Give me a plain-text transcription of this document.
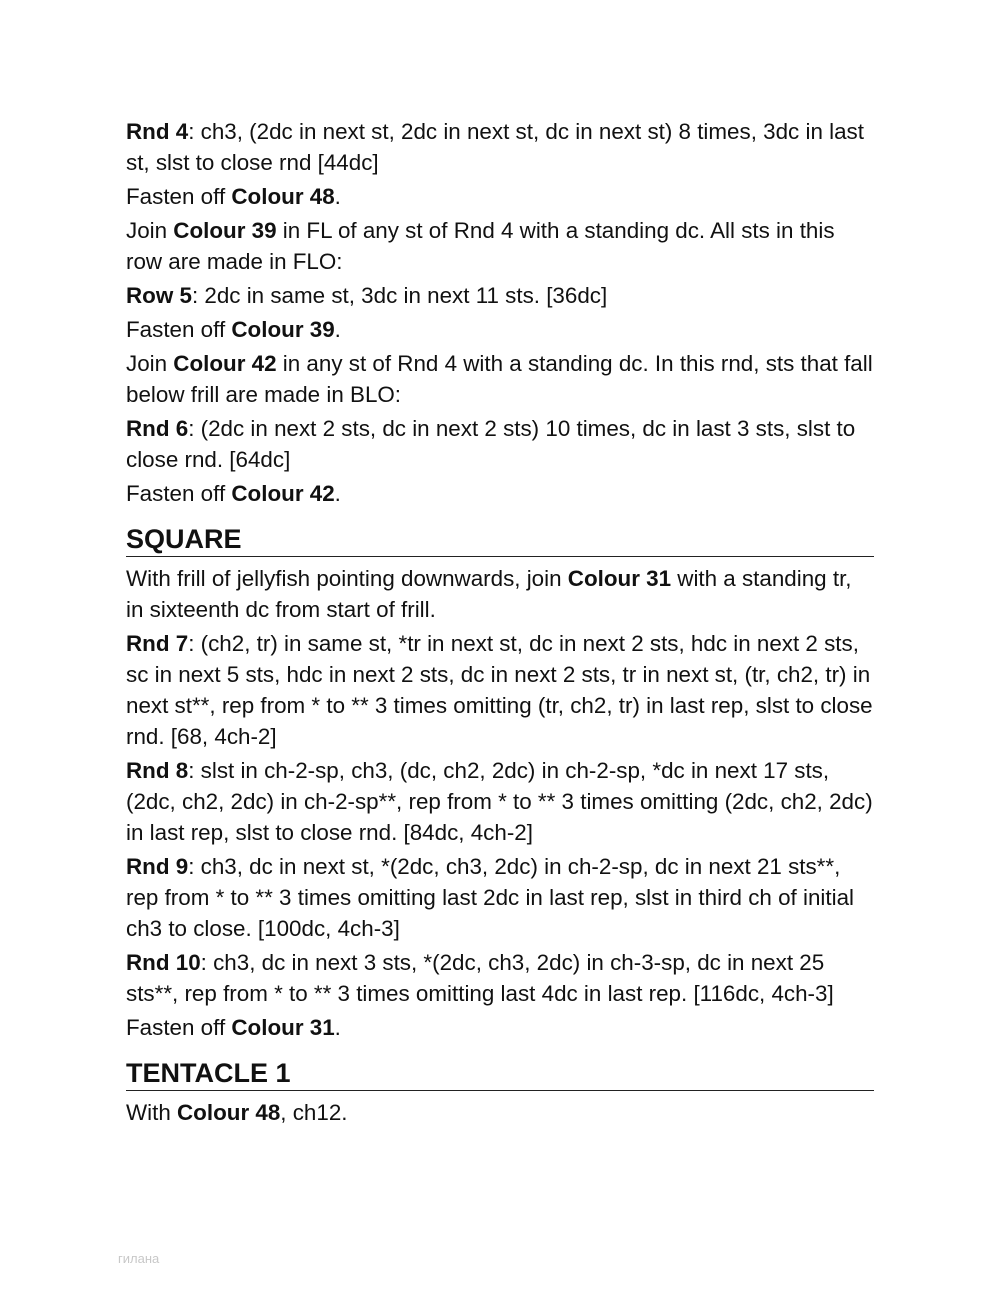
Rnd 4: ch3, (2dc in next st, 2dc in next st, dc in next st) 8 times, 3dc in last st, slst to close rnd [44dc]
Fasten off Colour 48.
Join Colour 39 in FL of any st of Rnd 4 with a standing dc. All sts in this row are made in FLO:
Row 5: 2dc in same st, 3dc in next 11 sts. [36dc]
Fasten off Colour 39.
Join Colour 42 in any st of Rnd 4 with a standing dc. In this rnd, sts that fall below frill are made in BLO:
Rnd 6: (2dc in next 2 sts, dc in next 2 sts) 10 times, dc in last 3 sts, slst to close rnd. [64dc]
Fasten off Colour 42.
SQUARE
With frill of jellyfish pointing downwards, join Colour 31 with a standing tr, in sixteenth dc from start of frill.
Rnd 7: (ch2, tr) in same st, *tr in next st, dc in next 2 sts, hdc in next 2 sts, sc in next 5 sts, hdc in next 2 sts, dc in next 2 sts, tr in next st, (tr, ch2, tr) in next st**, rep from * to ** 3 times omitting (tr, ch2, tr) in last rep, slst to close rnd. [68, 4ch-2]
Rnd 8: slst in ch-2-sp, ch3, (dc, ch2, 2dc) in ch-2-sp, *dc in next 17 sts, (2dc, ch2, 2dc) in ch-2-sp**, rep from * to ** 3 times omitting (2dc, ch2, 2dc) in last rep, slst to close rnd. [84dc, 4ch-2]
Rnd 9: ch3, dc in next st, *(2dc, ch3, 2dc) in ch-2-sp, dc in next 21 sts**, rep from * to ** 3 times omitting last 2dc in last rep, slst in third ch of initial ch3 to close. [100dc, 4ch-3]
Rnd 10: ch3, dc in next 3 sts, *(2dc, ch3, 2dc) in ch-3-sp, dc in next 25 sts**, rep from * to ** 3 times omitting last 4dc in last rep. [116dc, 4ch-3]
Fasten off Colour 31.
TENTACLE 1
With Colour 48, ch12.
гилана
